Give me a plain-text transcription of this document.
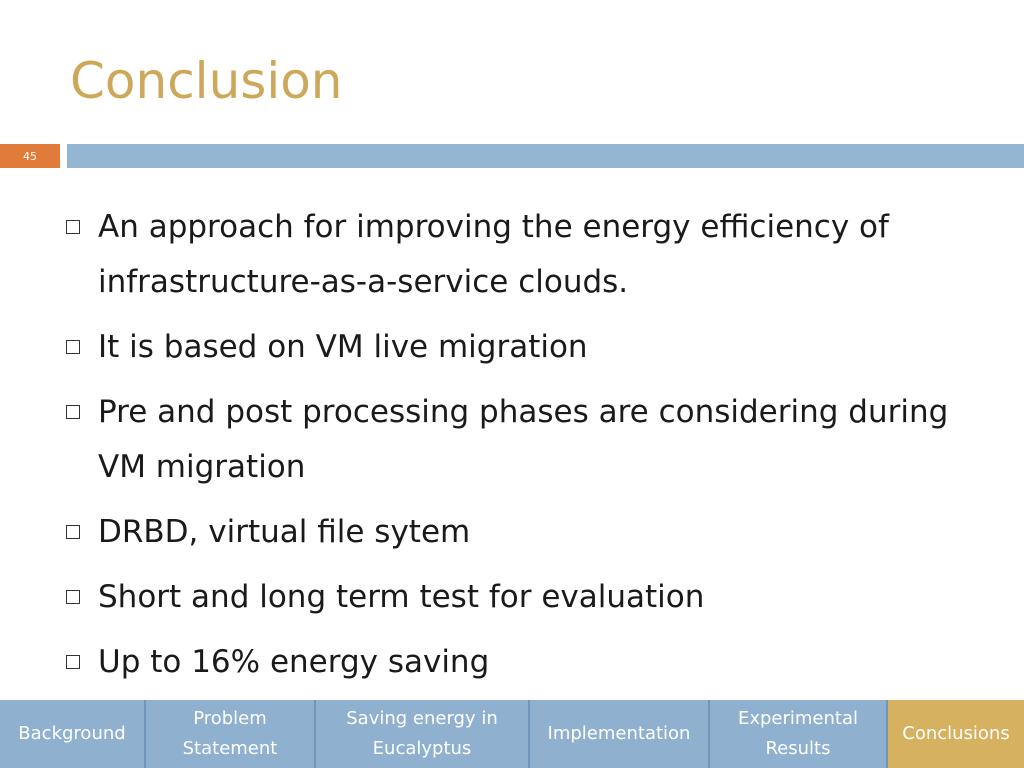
Conclusion
45
An approach for improving the energy efficiency of infrastructure-as-a-service clouds.
It is based on VM live migration
Pre and post processing phases are considering during VM migration
DRBD, virtual file sytem
Short and long term test for evaluation
Up to 16% energy saving
Background
Problem
Statement
Saving energy in
Eucalyptus
Implementation
Experimental
Results
Conclusions
